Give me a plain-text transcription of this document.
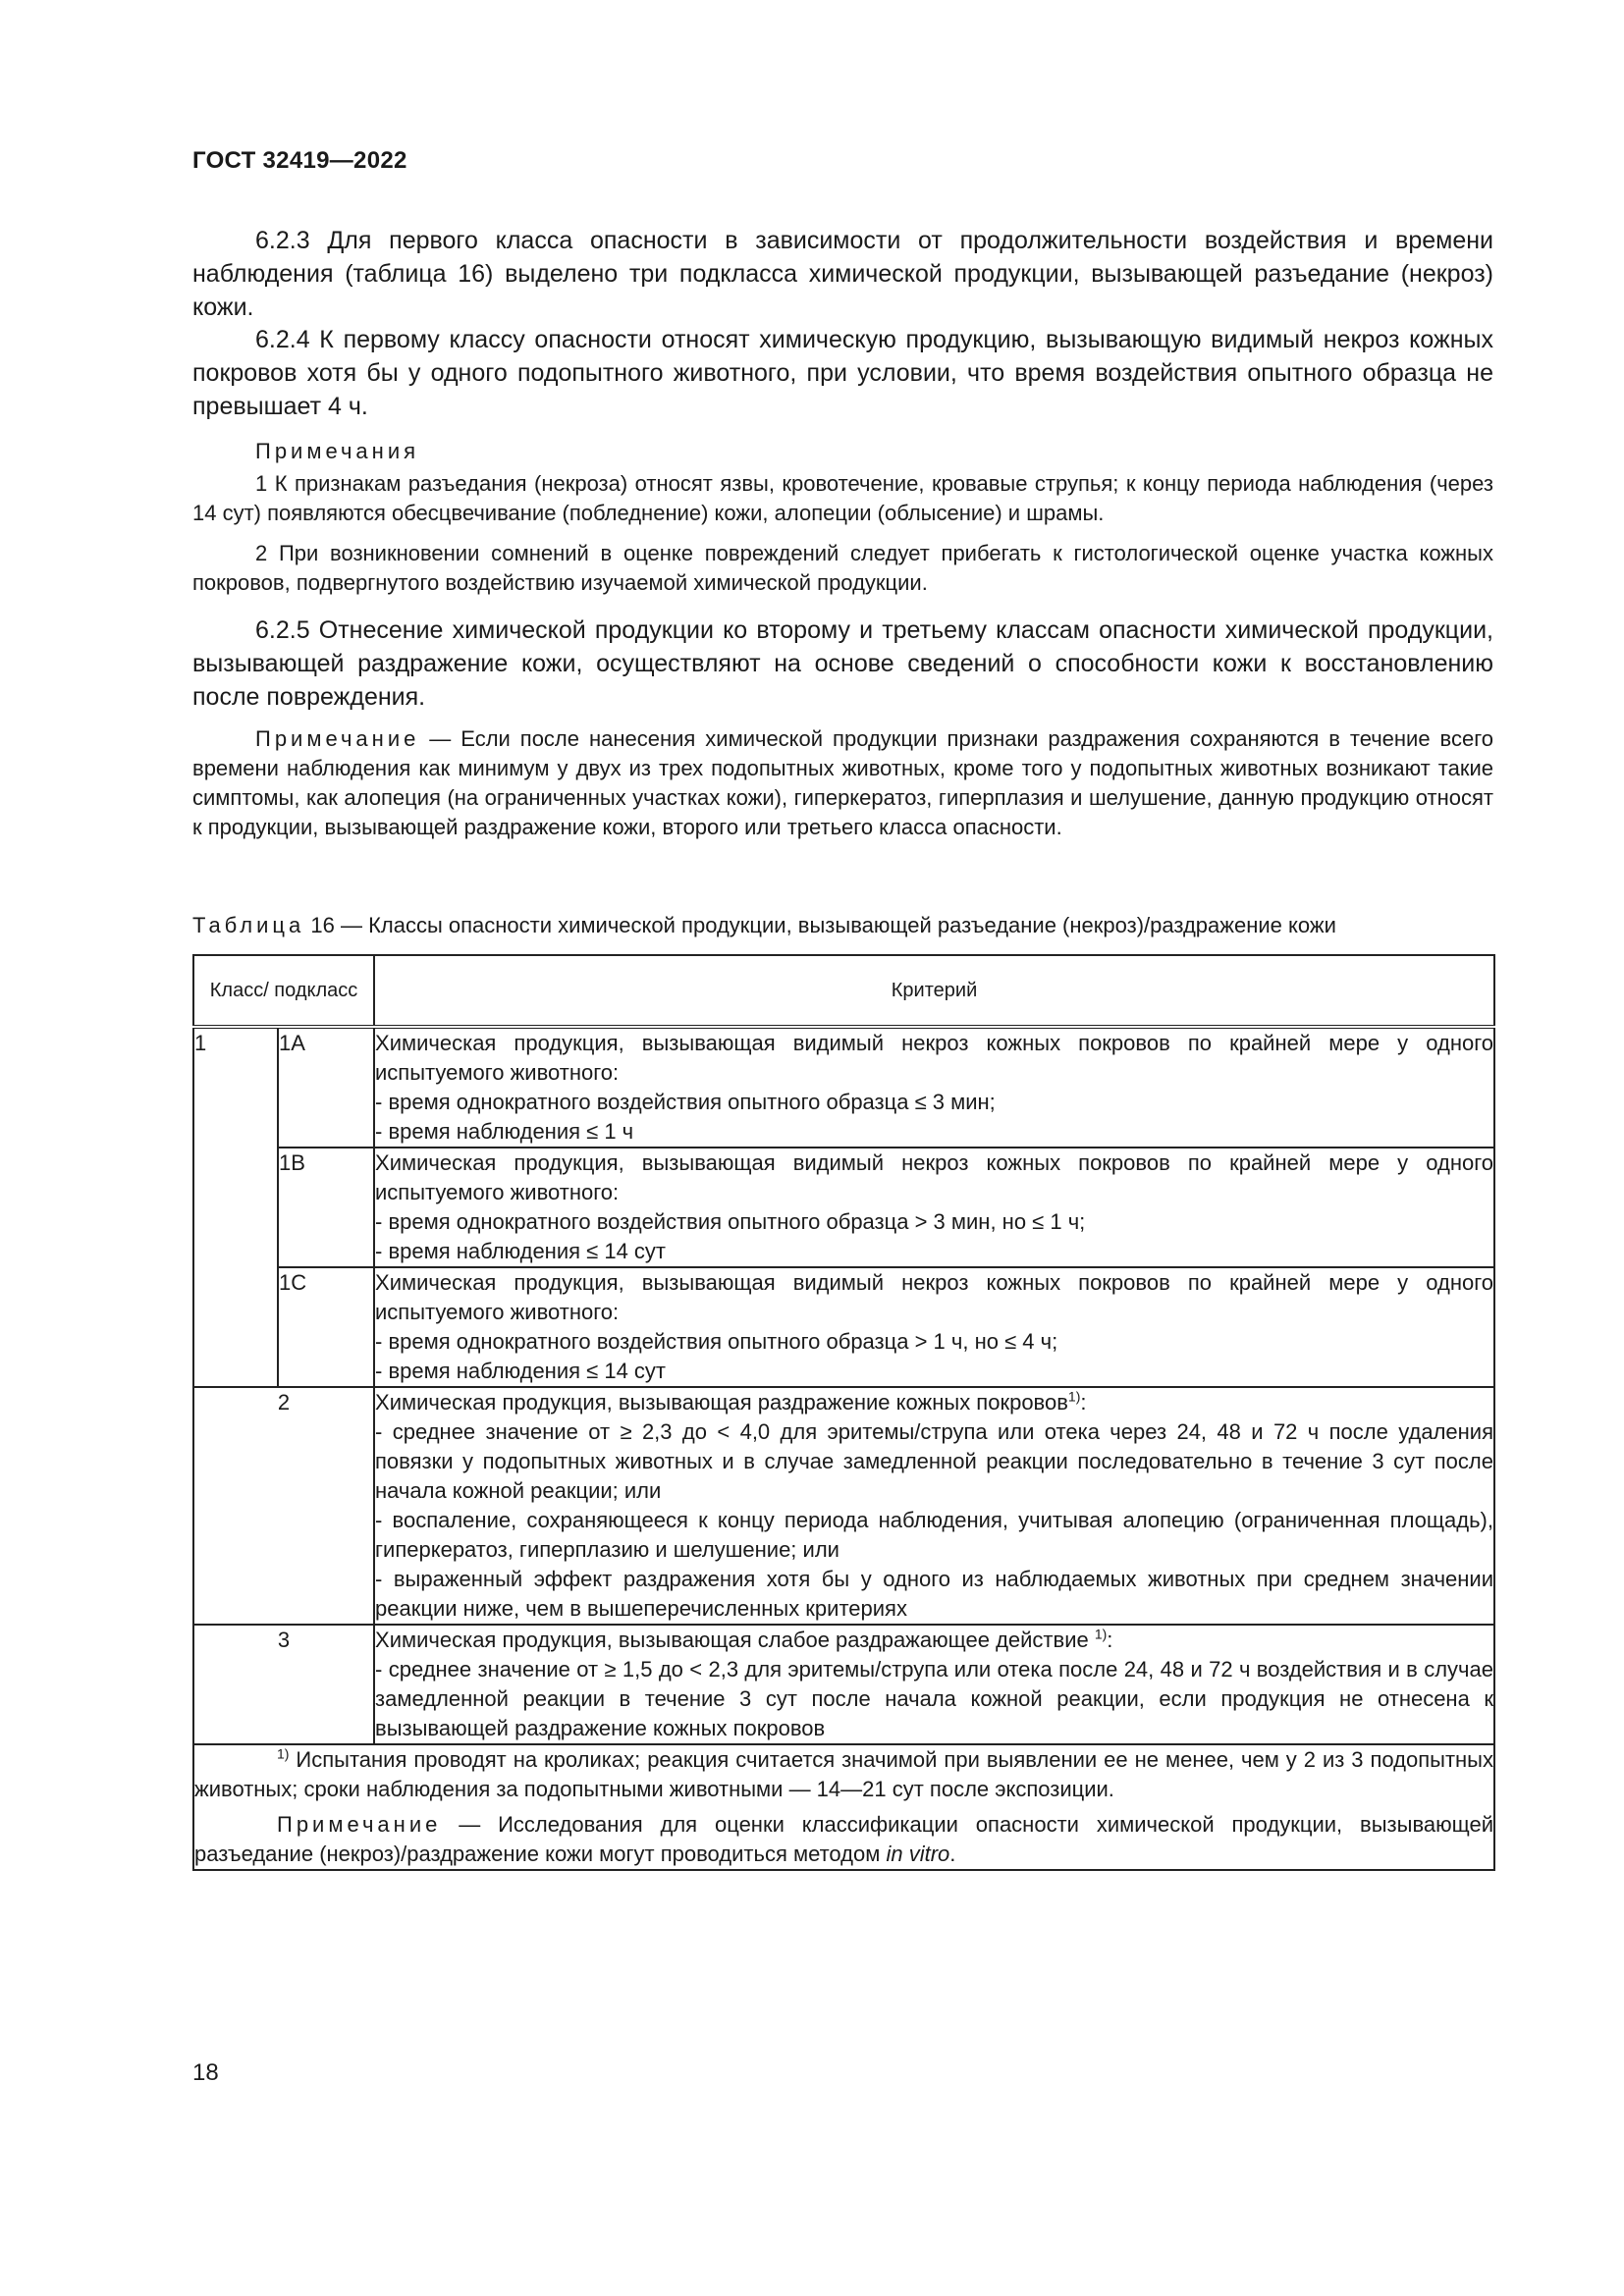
ГОСТ 32419—2022
6.2.3 Для первого класса опасности в зависимости от продолжительности воздействия и времени наблюдения (таблица 16) выделено три подкласса химической продукции, вызывающей разъедание (некроз) кожи.
6.2.4 К первому классу опасности относят химическую продукцию, вызывающую видимый некроз кожных покровов хотя бы у одного подопытного животного, при условии, что время воздействия опытного образца не превышает 4 ч.
Примечания
1 К признакам разъедания (некроза) относят язвы, кровотечение, кровавые струпья; к концу периода наблюдения (через 14 сут) появляются обесцвечивание (побледнение) кожи, алопеции (облысение) и шрамы.
2 При возникновении сомнений в оценке повреждений следует прибегать к гистологической оценке участка кожных покровов, подвергнутого воздействию изучаемой химической продукции.
6.2.5 Отнесение химической продукции ко второму и третьему классам опасности химической продукции, вызывающей раздражение кожи, осуществляют на основе сведений о способности кожи к восстановлению после повреждения.
Примечание — Если после нанесения химической продукции признаки раздражения сохраняются в течение всего времени наблюдения как минимум у двух из трех подопытных животных, кроме того у подопытных животных возникают такие симптомы, как алопеция (на ограниченных участках кожи), гиперкератоз, гиперплазия и шелушение, данную продукцию относят к продукции, вызывающей раздражение кожи, второго или третьего класса опасности.
Таблица 16 — Классы опасности химической продукции, вызывающей разъедание (некроз)/раздражение кожи
Класс/ подкласс		Критерий
1	1А	Химическая продукция, вызывающая видимый некроз кожных покровов по крайней мере у одного испытуемого животного:
- время однократного воздействия опытного образца ≤ 3 мин;
- время наблюдения ≤ 1 ч

	1В	Химическая продукция, вызывающая видимый некроз кожных покровов по крайней мере у одного испытуемого животного:
- время однократного воздействия опытного образца > 3 мин, но ≤ 1 ч;
- время наблюдения ≤ 14 сут

	1С	Химическая продукция, вызывающая видимый некроз кожных покровов по крайней мере у одного испытуемого животного:
- время однократного воздействия опытного образца > 1 ч, но ≤ 4 ч;
- время наблюдения ≤ 14 сут

2		Химическая продукция, вызывающая раздражение кожных покровов$^{1)}$:
- среднее значение от ≥ 2,3 до < 4,0 для эритемы/струпа или отека через 24, 48 и 72 ч после удаления повязки у подопытных животных и в случае замедленной реакции последовательно в течение 3 сут после начала кожной реакции; или
- воспаление, сохраняющееся к концу периода наблюдения, учитывая алопецию (ограниченная площадь), гиперкератоз, гиперплазию и шелушение; или
- выраженный эффект раздражения хотя бы у одного из наблюдаемых животных при среднем значении реакции ниже, чем в вышеперечисленных критериях

3		Химическая продукция, вызывающая слабое раздражающее действие $^{1)}$:
- среднее значение от ≥ 1,5 до < 2,3 для эритемы/струпа или отека после 24, 48 и 72 ч воздействия и в случае замедленной реакции в течение 3 сут после начала кожной реакции, если продукция не отнесена к вызывающей раздражение кожных покровов

$^{1)}$ Испытания проводят на кроликах; реакция считается значимой при выявлении ее не менее, чем у 2 из 3 подопытных животных; сроки наблюдения за подопытными животными — 14—21 сут после экспозиции.
Примечание — Исследования для оценки классификации опасности химической продукции, вызывающей разъедание (некроз)/раздражение кожи могут проводиться методом in vitro.		
18
